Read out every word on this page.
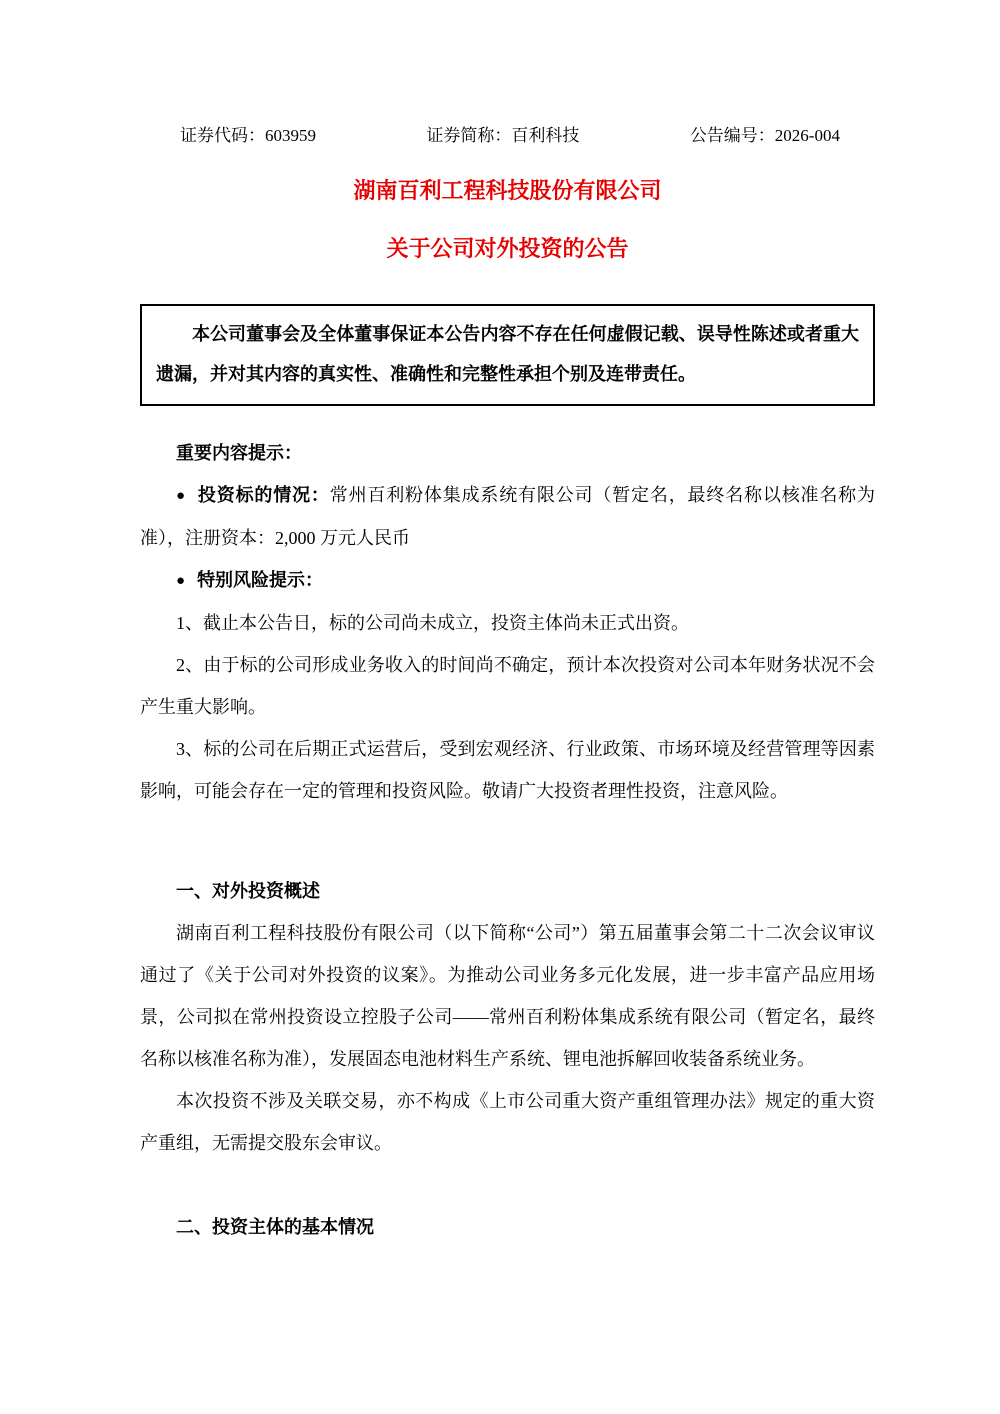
证券代码：603959	证券简称：百利科技	公告编号：2026-004
湖南百利工程科技股份有限公司
关于公司对外投资的公告

本公司董事会及全体董事保证本公告内容不存在任何虚假记载、误导性陈述或者重大遗漏，并对其内容的真实性、准确性和完整性承担个别及连带责任。

重要内容提示：

● 投资标的情况：常州百利粉体集成系统有限公司（暂定名，最终名称以核准名称为准），注册资本：2,000 万元人民币

● 特别风险提示：

1、截止本公告日，标的公司尚未成立，投资主体尚未正式出资。

2、由于标的公司形成业务收入的时间尚不确定，预计本次投资对公司本年财务状况不会产生重大影响。

3、标的公司在后期正式运营后，受到宏观经济、行业政策、市场环境及经营管理等因素影响，可能会存在一定的管理和投资风险。敬请广大投资者理性投资，注意风险。

一、对外投资概述

湖南百利工程科技股份有限公司（以下简称“公司”）第五届董事会第二十二次会议审议通过了《关于公司对外投资的议案》。为推动公司业务多元化发展，进一步丰富产品应用场景，公司拟在常州投资设立控股子公司——常州百利粉体集成系统有限公司（暂定名，最终名称以核准名称为准），发展固态电池材料生产系统、锂电池拆解回收装备系统业务。

本次投资不涉及关联交易，亦不构成《上市公司重大资产重组管理办法》规定的重大资产重组，无需提交股东会审议。

二、投资主体的基本情况
